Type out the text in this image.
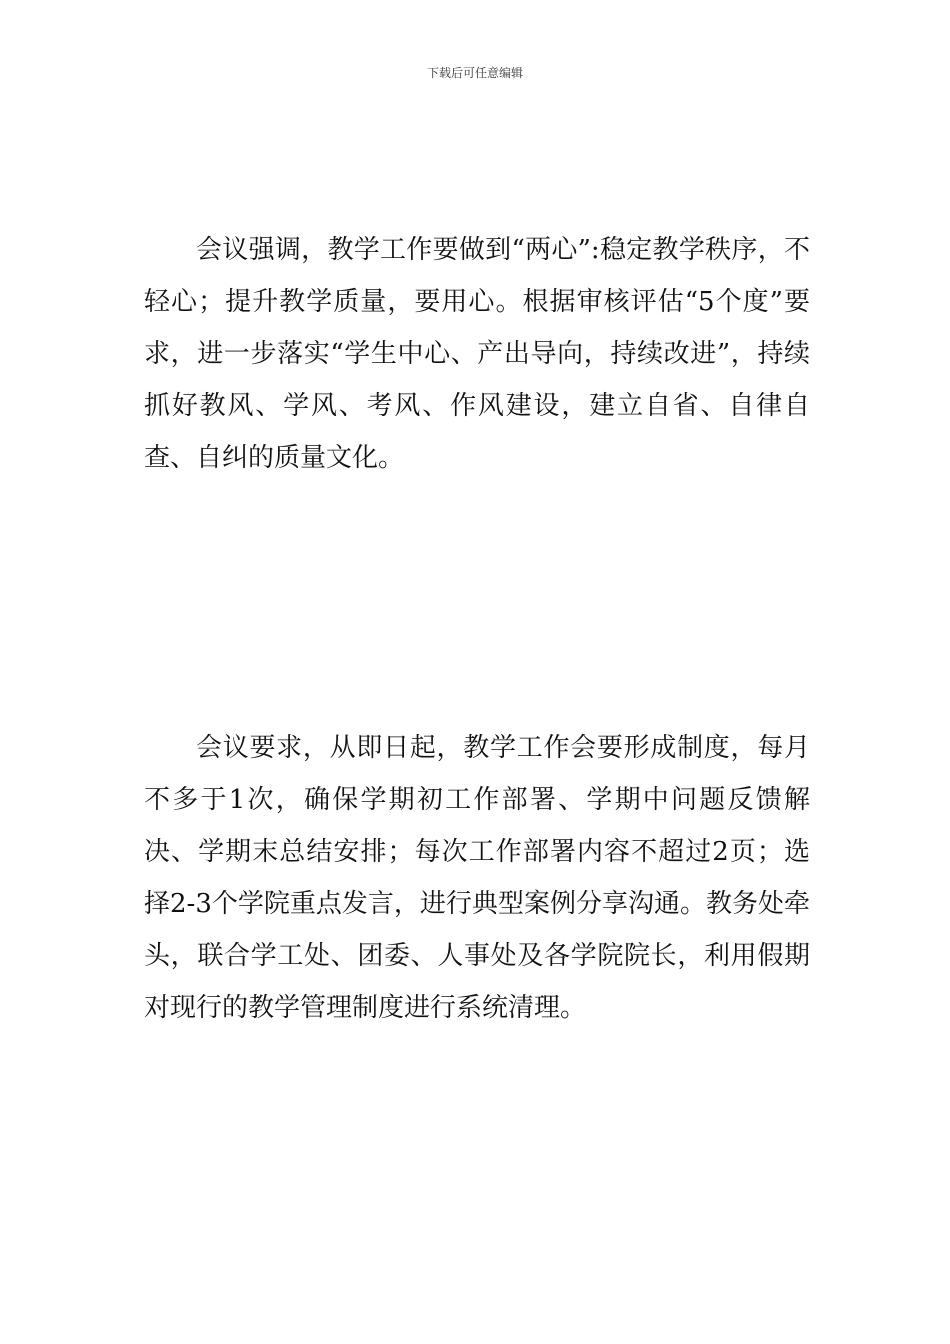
下载后可任意编辑

会议强调，教学工作要做到“两心”:稳定教学秩序，不轻心；提升教学质量，要用心。根据审核评估“5个度”要求，进一步落实“学生中心、产出导向，持续改进”，持续抓好教风、学风、考风、作风建设，建立自省、自律自查、自纠的质量文化。

会议要求，从即日起，教学工作会要形成制度，每月不多于1次，确保学期初工作部署、学期中问题反馈解决、学期末总结安排；每次工作部署内容不超过2页；选择2-3个学院重点发言，进行典型案例分享沟通。教务处牵头，联合学工处、团委、人事处及各学院院长，利用假期对现行的教学管理制度进行系统清理。
